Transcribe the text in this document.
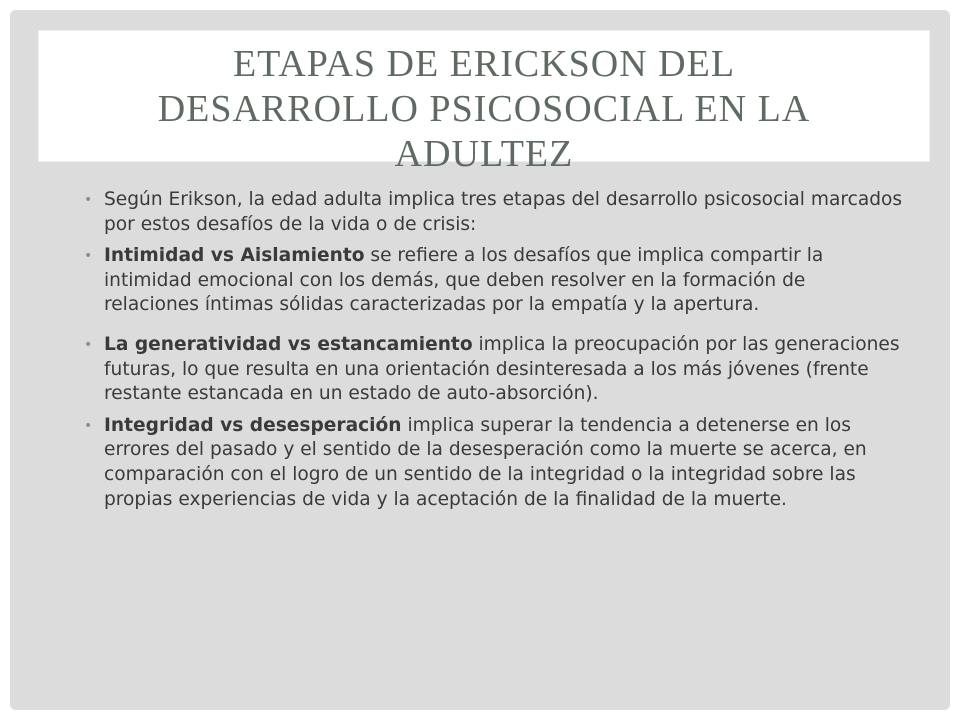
ETAPAS DE ERICKSON DEL
DESARROLLO PSICOSOCIAL EN LA
ADULTEZ
• Según Erikson, la edad adulta implica tres etapas del desarrollo psicosocial marcados por estos desafíos de la vida o de crisis:
• Intimidad vs Aislamiento se refiere a los desafíos que implica compartir la intimidad emocional con los demás, que deben resolver en la formación de relaciones íntimas sólidas caracterizadas por la empatía y la apertura.
• La generatividad vs estancamiento implica la preocupación por las generaciones futuras, lo que resulta en una orientación desinteresada a los más jóvenes (frente restante estancada en un estado de auto-absorción).
• Integridad vs desesperación implica superar la tendencia a detenerse en los errores del pasado y el sentido de la desesperación como la muerte se acerca, en comparación con el logro de un sentido de la integridad o la integridad sobre las propias experiencias de vida y la aceptación de la finalidad de la muerte.
